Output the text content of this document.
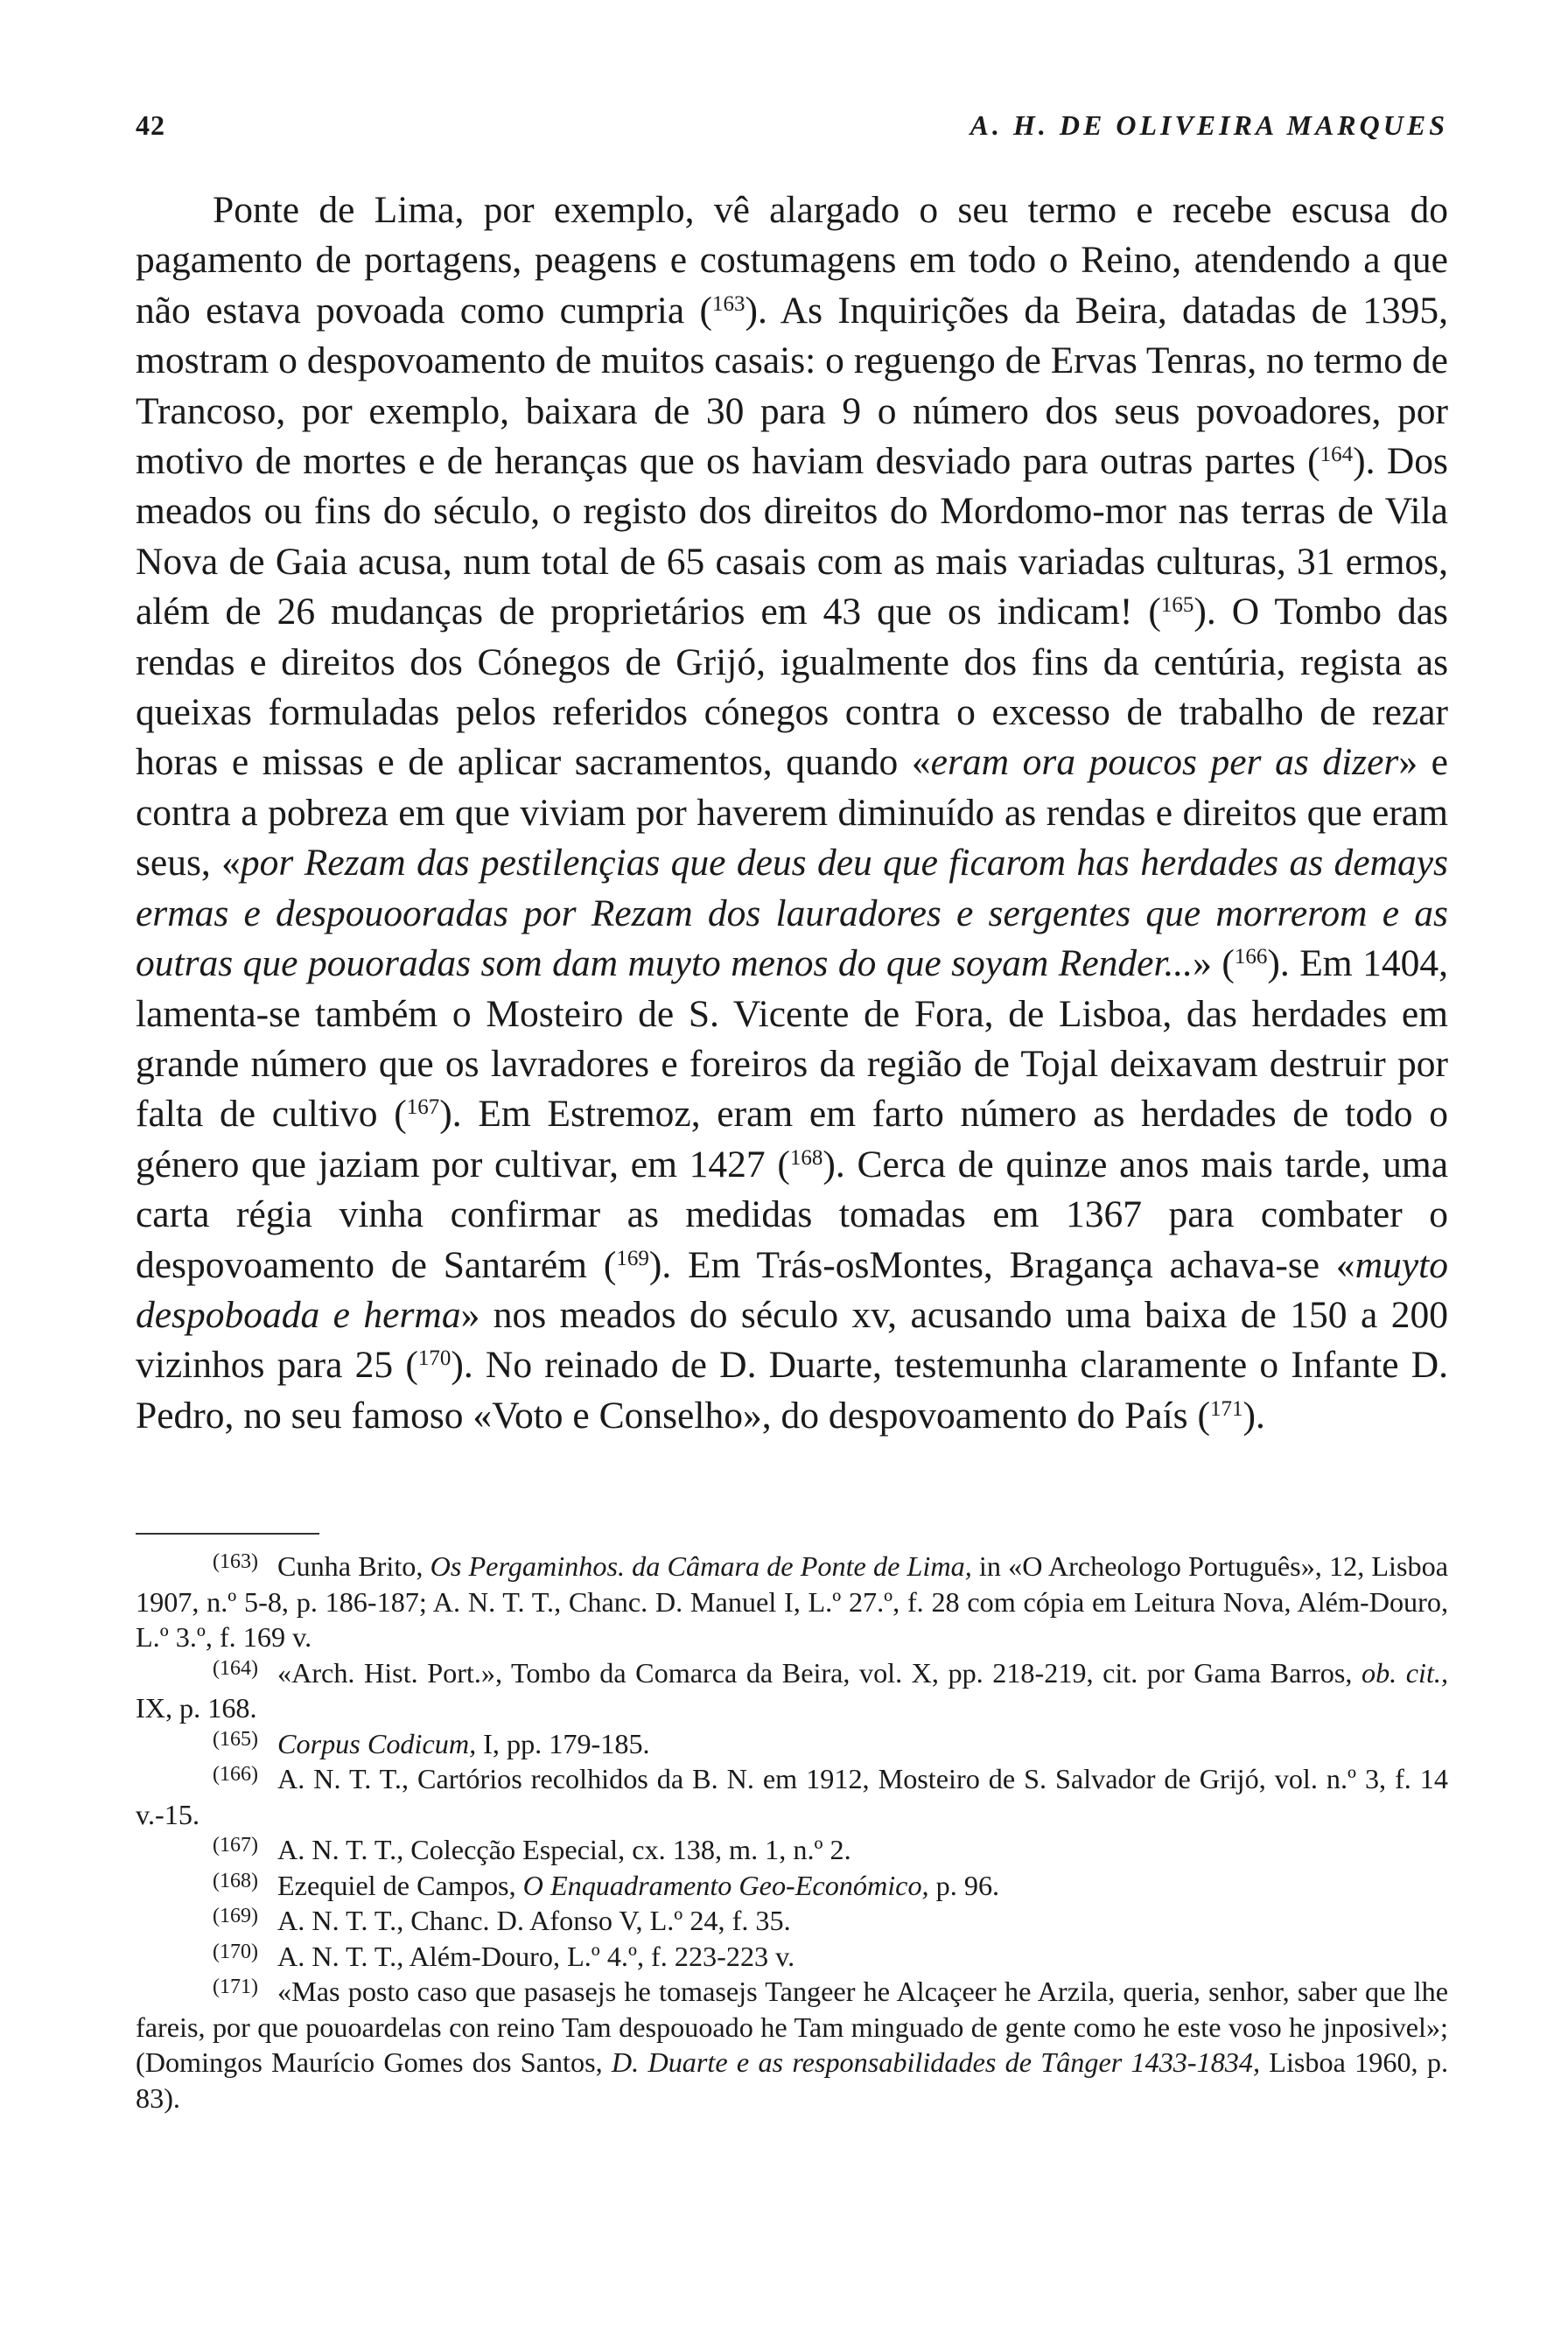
42	A. H. DE OLIVEIRA MARQUES

Ponte de Lima, por exemplo, vê alargado o seu termo e recebe escusa do pagamento de portagens, peagens e costumagens em todo o Reino, atendendo a que não estava povoada como cumpria ($^{163}$). As Inquirições da Beira, datadas de 1395, mostram o despovoamento de muitos casais: o reguengo de Ervas Tenras, no termo de Trancoso, por exemplo, baixara de 30 para 9 o número dos seus povoadores, por motivo de mortes e de heranças que os haviam desviado para outras partes ($^{164}$). Dos meados ou fins do século, o registo dos direitos do Mordomo-mor nas terras de Vila Nova de Gaia acusa, num total de 65 casais com as mais variadas culturas, 31 ermos, além de 26 mudanças de proprietários em 43 que os indicam! ($^{165}$). O Tombo das rendas e direitos dos Cónegos de Grijó, igualmente dos fins da centúria, regista as queixas formuladas pelos referidos cónegos contra o excesso de trabalho de rezar horas e missas e de aplicar sacramentos, quando «eram ora poucos per as dizer» e contra a pobreza em que viviam por haverem diminuído as rendas e direitos que eram seus, «por Rezam das pestilençias que deus deu que ficarom has herdades as demays ermas e despouooradas por Rezam dos lauradores e sergentes que morrerom e as outras que pouoradas som dam muyto menos do que soyam Render...» ($^{166}$). Em 1404, lamenta-se também o Mosteiro de S. Vicente de Fora, de Lisboa, das herdades em grande número que os lavradores e foreiros da região de Tojal deixavam destruir por falta de cultivo ($^{167}$). Em Estremoz, eram em farto número as herdades de todo o género que jaziam por cultivar, em 1427 ($^{168}$). Cerca de quinze anos mais tarde, uma carta régia vinha confirmar as medidas tomadas em 1367 para combater o despovoamento de Santarém ($^{169}$). Em Trás-osMontes, Bragança achava-se «muyto despoboada e herma» nos meados do século xv, acusando uma baixa de 150 a 200 vizinhos para 25 ($^{170}$). No reinado de D. Duarte, testemunha claramente o Infante D. Pedro, no seu famoso «Voto e Conselho», do despovoamento do País ($^{171}$).

( $^{163}$ ) Cunha Brito, Os Pergaminhos. da Câmara de Ponte de Lima, in «O Archeologo Português», 12, Lisboa 1907, n.º 5-8, p. 186-187; A. N. T. T., Chanc. D. Manuel I, L.º 27.º, f. 28 com cópia em Leitura Nova, Além-Douro, L.º 3.º, f. 169 v.

( $^{164}$ ) «Arch. Hist. Port.», Tombo da Comarca da Beira, vol. X, pp. 218-219, cit. por Gama Barros, ob. cit., IX, p. 168.

( $^{165}$ ) Corpus Codicum, I, pp. 179-185.

( $^{166}$ ) A. N. T. T., Cartórios recolhidos da B. N. em 1912, Mosteiro de S. Salvador de Grijó, vol. n.º 3, f. 14 v.-15.

( $^{167}$ ) A. N. T. T., Colecção Especial, cx. 138, m. 1, n.º 2.

( $^{168}$ ) Ezequiel de Campos, O Enquadramento Geo-Económico, p. 96.

( $^{169}$ ) A. N. T. T., Chanc. D. Afonso V, L.º 24, f. 35.

( $^{170}$ ) A. N. T. T., Além-Douro, L.º 4.º, f. 223-223 v.

( $^{171}$ ) «Mas posto caso que pasasejs he tomasejs Tangeer he Alcaçeer he Arzila, queria, senhor, saber que lhe fareis, por que pouoardelas con reino Tam despouoado he Tam minguado de gente como he este voso he jnposivel»; (Domingos Maurício Gomes dos Santos, D. Duarte e as responsabilidades de Tânger 1433-1834, Lisboa 1960, p. 83).
